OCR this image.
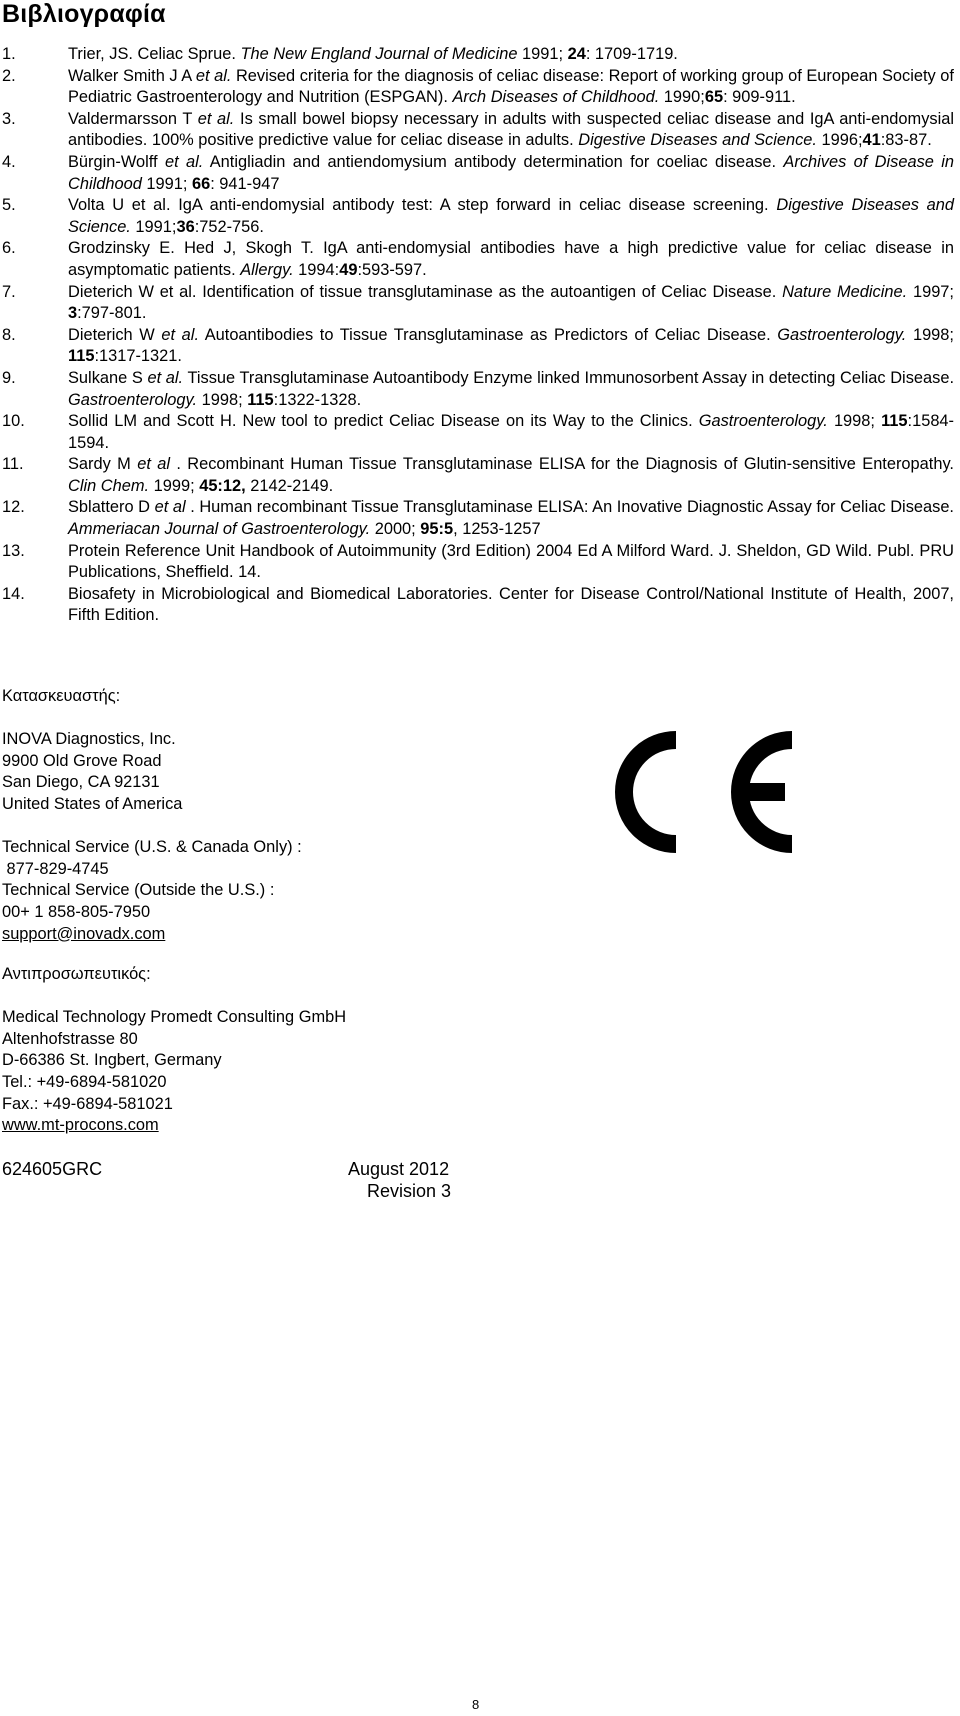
Βιβλιογραφία
1.	Trier, JS. Celiac Sprue. The New England Journal of Medicine 1991; 24: 1709-1719.
2.	Walker Smith J A et al. Revised criteria for the diagnosis of celiac disease: Report of working group of European Society of Pediatric Gastroenterology and Nutrition (ESPGAN). Arch Diseases of Childhood. 1990;65: 909-911.
3.	Valdermarsson T et al. Is small bowel biopsy necessary in adults with suspected celiac disease and IgA anti-endomysial antibodies. 100% positive predictive value for celiac disease in adults. Digestive Diseases and Science. 1996;41:83-87.
4.	Bürgin-Wolff et al. Antigliadin and antiendomysium antibody determination for coeliac disease. Archives of Disease in Childhood 1991; 66: 941-947
5.	Volta U et al. IgA anti-endomysial antibody test: A step forward in celiac disease screening. Digestive Diseases and Science. 1991;36:752-756.
6.	Grodzinsky E. Hed J, Skogh T. IgA anti-endomysial antibodies have a high predictive value for celiac disease in asymptomatic patients. Allergy. 1994:49:593-597.
7.	Dieterich W et al. Identification of tissue transglutaminase as the autoantigen of Celiac Disease. Nature Medicine. 1997; 3:797-801.
8.	Dieterich W et al. Autoantibodies to Tissue Transglutaminase as Predictors of Celiac Disease. Gastroenterology. 1998; 115:1317-1321.
9.	Sulkane S et al. Tissue Transglutaminase Autoantibody Enzyme linked Immunosorbent Assay in detecting Celiac Disease. Gastroenterology. 1998; 115:1322-1328.
10.	Sollid LM and Scott H. New tool to predict Celiac Disease on its Way to the Clinics. Gastroenterology. 1998; 115:1584-1594.
11.	Sardy M et al . Recombinant Human Tissue Transglutaminase ELISA for the Diagnosis of Glutin-sensitive Enteropathy. Clin Chem. 1999; 45:12, 2142-2149.
12.	Sblattero D et al . Human recombinant Tissue Transglutaminase ELISA: An Inovative Diagnostic Assay for Celiac Disease. Ammeriacan Journal of Gastroenterology. 2000; 95:5, 1253-1257
13.	Protein Reference Unit Handbook of Autoimmunity (3rd Edition) 2004 Ed A Milford Ward. J. Sheldon, GD Wild. Publ. PRU Publications, Sheffield. 14.
14.	Biosafety in Microbiological and Biomedical Laboratories. Center for Disease Control/National Institute of Health, 2007, Fifth Edition.
Κατασκευαστής:

INOVA Diagnostics, Inc.
9900 Old Grove Road
San Diego, CA 92131
United States of America

Technical Service (U.S. & Canada Only) :
877-829-4745
Technical Service (Outside the U.S.) :
00+ 1 858-805-7950
support@inovadx.com
Αντιπροσωπευτικός:

Medical Technology Promedt Consulting GmbH
Altenhofstrasse 80
D-66386 St. Ingbert, Germany
Tel.: +49-6894-581020
Fax.: +49-6894-581021
www.mt-procons.com
624605GRC	August 2012
Revision 3
8
